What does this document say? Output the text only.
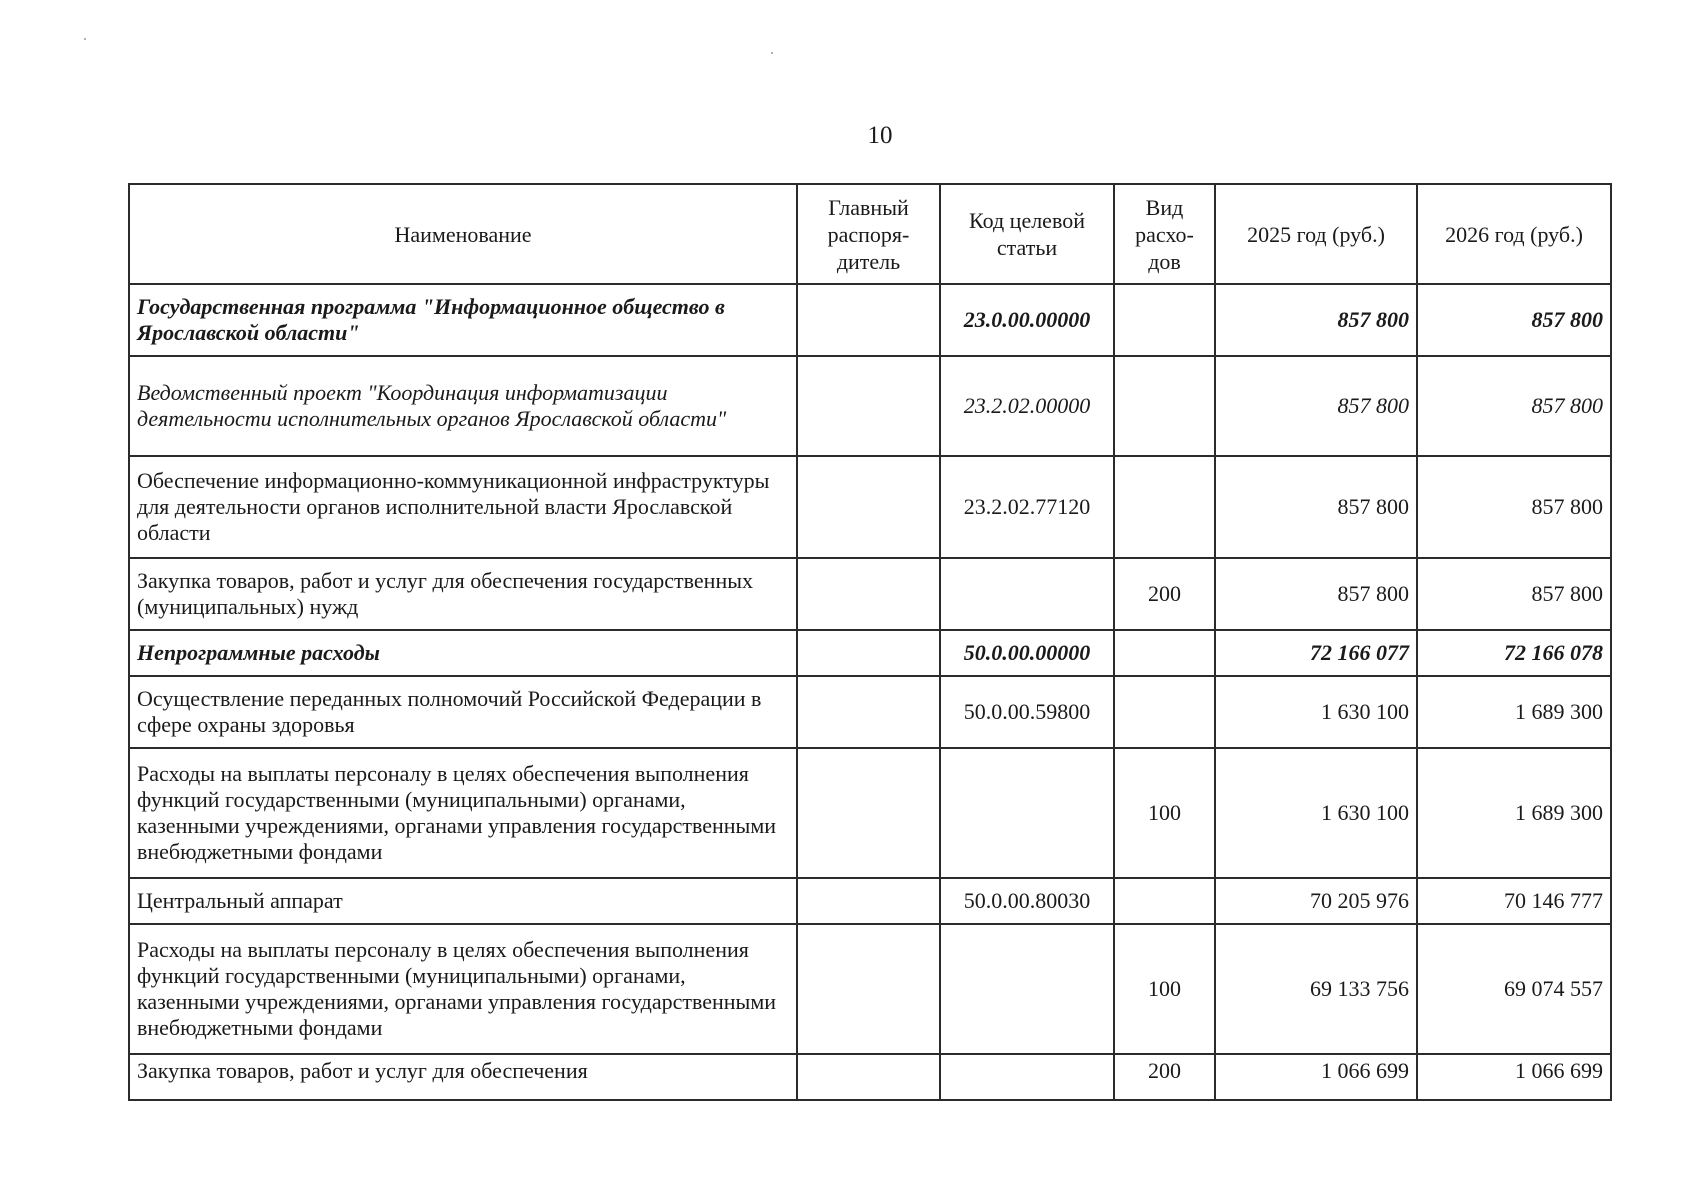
10
Наименование	Главный распоря-дитель	Код целевой статьи	Вид расхо-дов	2025 год (руб.)	2026 год (руб.)
Государственная программа "Информационное общество в Ярославской области"		23.0.00.00000		857 800	857 800
Ведомственный проект "Координация информатизации деятельности исполнительных органов Ярославской области"		23.2.02.00000		857 800	857 800
Обеспечение информационно-коммуникационной инфраструктуры для деятельности органов исполнительной власти Ярославской области		23.2.02.77120		857 800	857 800
Закупка товаров, работ и услуг для обеспечения государственных (муниципальных) нужд			200	857 800	857 800
Непрограммные расходы		50.0.00.00000		72 166 077	72 166 078
Осуществление переданных полномочий Российской Федерации в сфере охраны здоровья		50.0.00.59800		1 630 100	1 689 300
Расходы на выплаты персоналу в целях обеспечения выполнения функций государственными (муниципальными) органами, казенными учреждениями, органами управления государственными внебюджетными фондами			100	1 630 100	1 689 300
Центральный аппарат		50.0.00.80030		70 205 976	70 146 777
Расходы на выплаты персоналу в целях обеспечения выполнения функций государственными (муниципальными) органами, казенными учреждениями, органами управления государственными внебюджетными фондами			100	69 133 756	69 074 557
Закупка товаров, работ и услуг для обеспечения			200	1 066 699	1 066 699
